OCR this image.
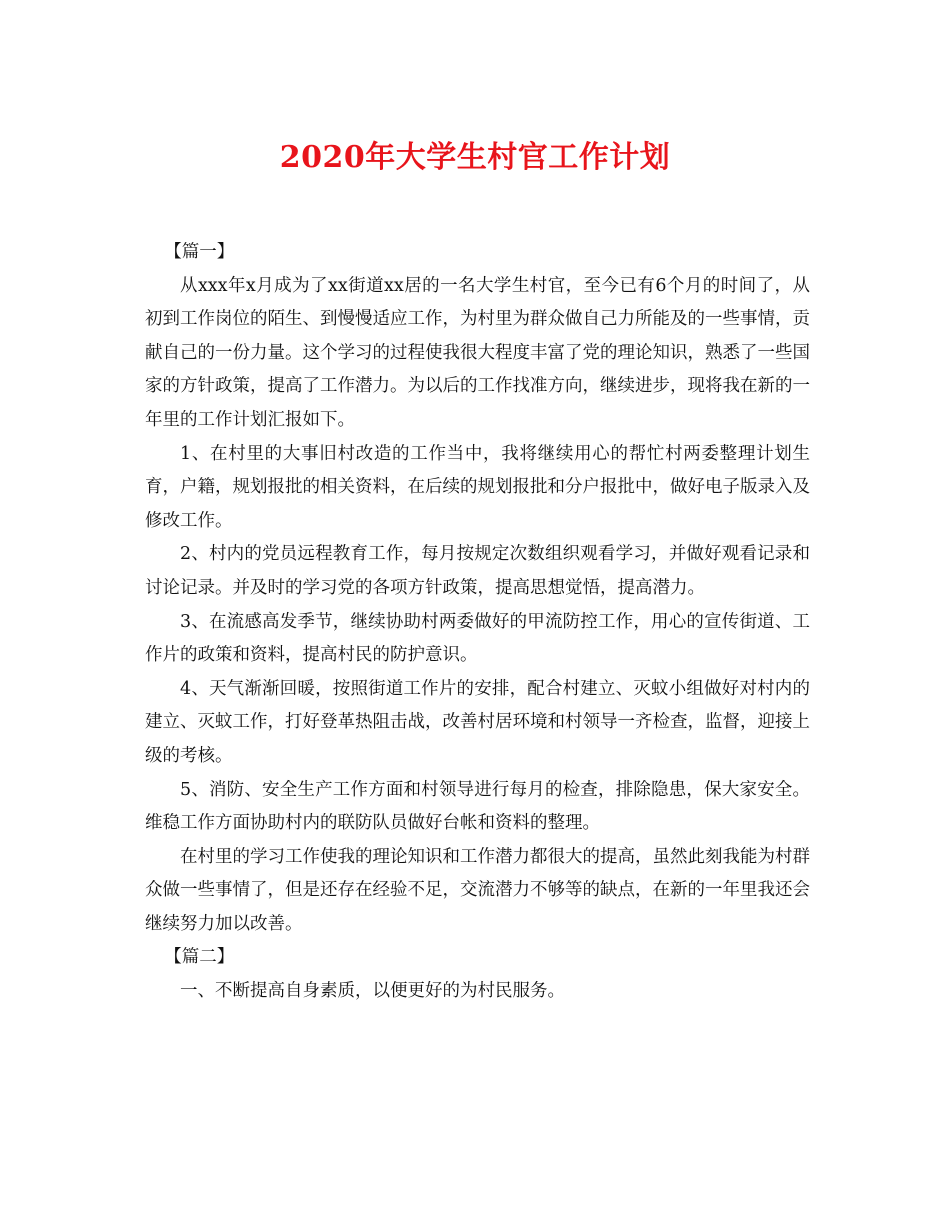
2020年大学生村官工作计划

【篇一】

从xxx年x月成为了xx街道xx居的一名大学生村官，至今已有6个月的时间了，从初到工作岗位的陌生、到慢慢适应工作，为村里为群众做自己力所能及的一些事情，贡献自己的一份力量。这个学习的过程使我很大程度丰富了党的理论知识，熟悉了一些国家的方针政策，提高了工作潜力。为以后的工作找准方向，继续进步，现将我在新的一年里的工作计划汇报如下。

1、在村里的大事旧村改造的工作当中，我将继续用心的帮忙村两委整理计划生育，户籍，规划报批的相关资料，在后续的规划报批和分户报批中，做好电子版录入及修改工作。

2、村内的党员远程教育工作，每月按规定次数组织观看学习，并做好观看记录和讨论记录。并及时的学习党的各项方针政策，提高思想觉悟，提高潜力。

3、在流感高发季节，继续协助村两委做好的甲流防控工作，用心的宣传街道、工作片的政策和资料，提高村民的防护意识。

4、天气渐渐回暖，按照街道工作片的安排，配合村建立、灭蚊小组做好对村内的建立、灭蚊工作，打好登革热阻击战，改善村居环境和村领导一齐检查，监督，迎接上级的考核。

5、消防、安全生产工作方面和村领导进行每月的检查，排除隐患，保大家安全。维稳工作方面协助村内的联防队员做好台帐和资料的整理。

在村里的学习工作使我的理论知识和工作潜力都很大的提高，虽然此刻我能为村群众做一些事情了，但是还存在经验不足，交流潜力不够等的缺点，在新的一年里我还会继续努力加以改善。

【篇二】

一、不断提高自身素质，以便更好的为村民服务。
